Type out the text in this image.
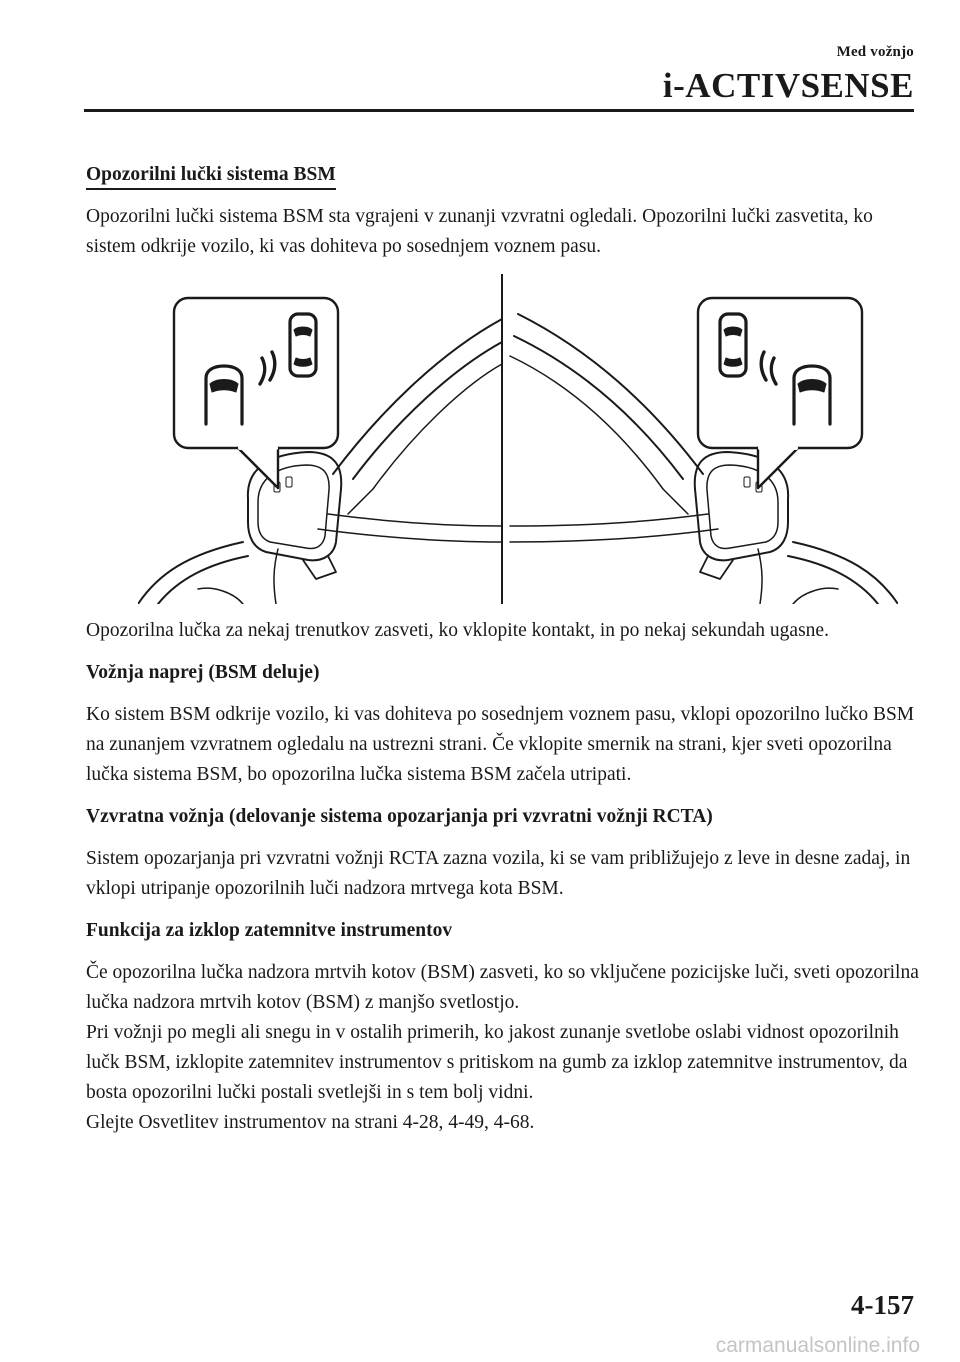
Med vožnjo
i-ACTIVSENSE
Opozorilni lučki sistema BSM

Opozorilni lučki sistema BSM sta vgrajeni v zunanji vzvratni ogledali. Opozorilni lučki zasvetita, ko sistem odkrije vozilo, ki vas dohiteva po sosednjem voznem pasu.

Opozorilna lučka za nekaj trenutkov zasveti, ko vklopite kontakt, in po nekaj sekundah ugasne.

Vožnja naprej (BSM deluje)

Ko sistem BSM odkrije vozilo, ki vas dohiteva po sosednjem voznem pasu, vklopi opozorilno lučko BSM na zunanjem vzvratnem ogledalu na ustrezni strani. Če vklopite smernik na strani, kjer sveti opozorilna lučka sistema BSM, bo opozorilna lučka sistema BSM začela utripati.

Vzvratna vožnja (delovanje sistema opozarjanja pri vzvratni vožnji RCTA)

Sistem opozarjanja pri vzvratni vožnji RCTA zazna vozila, ki se vam približujejo z leve in desne zadaj, in vklopi utripanje opozorilnih luči nadzora mrtvega kota BSM.

Funkcija za izklop zatemnitve instrumentov

Če opozorilna lučka nadzora mrtvih kotov (BSM) zasveti, ko so vključene pozicijske luči, sveti opozorilna lučka nadzora mrtvih kotov (BSM) z manjšo svetlostjo.
Pri vožnji po megli ali snegu in v ostalih primerih, ko jakost zunanje svetlobe oslabi vidnost opozorilnih lučk BSM, izklopite zatemnitev instrumentov s pritiskom na gumb za izklop zatemnitve instrumentov, da bosta opozorilni lučki postali svetlejši in s tem bolj vidni.
Glejte Osvetlitev instrumentov na strani 4-28, 4-49, 4-68.
4-157
carmanualsonline.info
